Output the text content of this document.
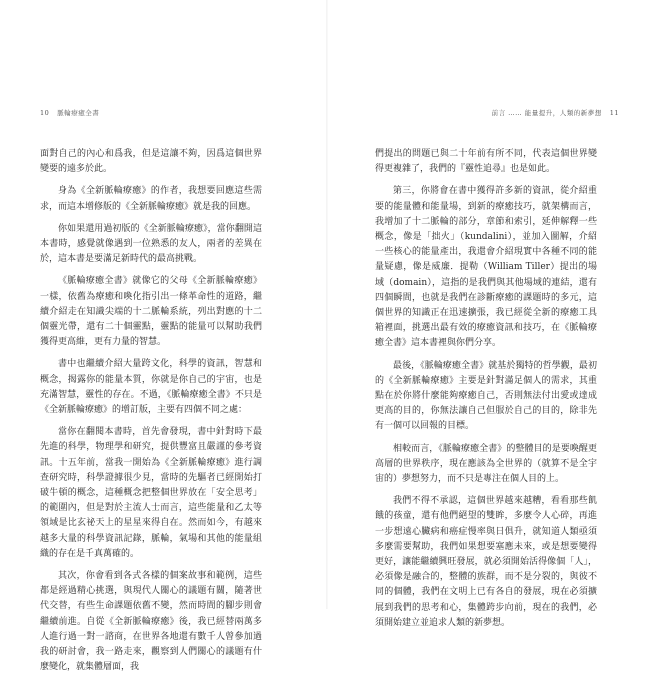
10 脈輪療癒全書

面對自己的內心和爲我，但是這讓不夠，因爲這個世界變要的遠多於此。

身為《全新脈輪療癒》的作者，我想要回應這些需求，而這本增修版的《全新脈輪療癒》就是我的回應。

你如果還用過初版的《全新脈輪療癒》，當你翻開這本書時，感覺就像遇到一位熟悉的友人，兩者的差異在於，這本書是要滿足新時代的最高挑戰。

《脈輪療癒全書》就像它的父母《全新脈輪療癒》一樣，依舊為療癒和喚化指引出一條革命性的道路，繼續介紹走在知識尖端的十二脈輪系統，列出對應的十二個靈光帶，還有二十個靈點，靈點的能量可以幫助我們獲得更高維，更有力量的智慧。

書中也繼續介紹大量跨文化，科學的資訊，智慧和概念，揭露你的能量本質，你就是你自己的宇宙，也是充滿智慧，靈性的存在。不過，《脈輪療癒全書》不只是《全新脈輪療癒》的增訂版，主要有四個不同之處：

當你在翻閱本書時，首先會發現，書中針對時下最先進的科學，物理學和研究，提供豐富且嚴謹的參考資訊。十五年前，當我一開始為《全新脈輪療癒》進行調查研究時，科學證據很少見，當時的先驅者已經開始打破牛頓的概念，這種概念把整個世界放在「安全思考」的範圍內，但是對於主流人士而言，這些能量和乙太等領域是比玄祕天上的星星來得自在。然而如今，有越來越多大量的科學資訊記錄，脈輪，氣場和其他的能量組織的存在是千真萬確的。

其次，你會看到各式各樣的個案故事和範例，這些都是經過精心挑選，與現代人關心的議題有關，隨著世代交替，有些生命課題依舊不變，然而時間的腳步則會繼續前進。自從《全新脈輪療癒》後，我已經替兩萬多人進行過一對一諮商，在世界各地還有數千人曾參加過我的研討會，我一路走來，觀察到人們關心的議題有什麼變化，就集體層面，我

前言 …… 能量提升，人類的新夢想 11

們提出的問題已與二十年前有所不同，代表這個世界變得更複雜了，我們的『靈性追尋』也是如此。

第三，你將會在書中獲得許多新的資訊，從介紹重要的能量體和能量場，到新的療癒技巧，就架構而言，我增加了十二脈輪的部分，章節和索引，延伸解釋一些概念，像是「拙火」（kundalini），並加入圖解，介紹一些核心的能量產出，我還會介紹現實中各種不同的能量疑慮，像是威廉．提勒（William Tiller）提出的場域（domain），這指的是我們與其他場域的連結，還有四個瞬間，也就是我們在診斷療癒的課題時的多元，這個世界的知識正在迅速擴張，我已經從全新的療癒工具箱裡面，挑選出最有效的療癒資訊和技巧，在《脈輪療癒全書》這本書裡與你們分享。

最後，《脈輪療癒全書》就基於獨特的哲學觀，最初的《全新脈輪療癒》主要是針對滿足個人的需求，其重點在於你將什麼能夠療癒自己，否則無法付出愛或達成更高的目的，你無法讓自己但服於自己的目的，除非先有一個可以回報的目標。

相較而言，《脈輪療癒全書》的整體目的是要喚醒更高層的世界秩序，現在應該為全世界的（就算不是全宇宙的）夢想努力，而不只是專注在個人目的上。

我們不得不承認，這個世界越來越糟，看看那些飢餓的孩童，還有他們絕望的雙眸，多麼令人心碎，再進一步想遠心臟病和癌症慢率與日俱升，就知道人類亟須多麼需要幫助，我們如果想要塞應未來，或是想要變得更好，讓能繼續興旺發展，就必須開始活得像個「人」，必須像是融合的，整體的族群，而不是分裂的，與彼不同的個體，我們在文明上已有各自的發展，現在必須擴展到我們的思考和心，集體跨步向前，現在的我們，必須開始建立並追求人類的新夢想。
